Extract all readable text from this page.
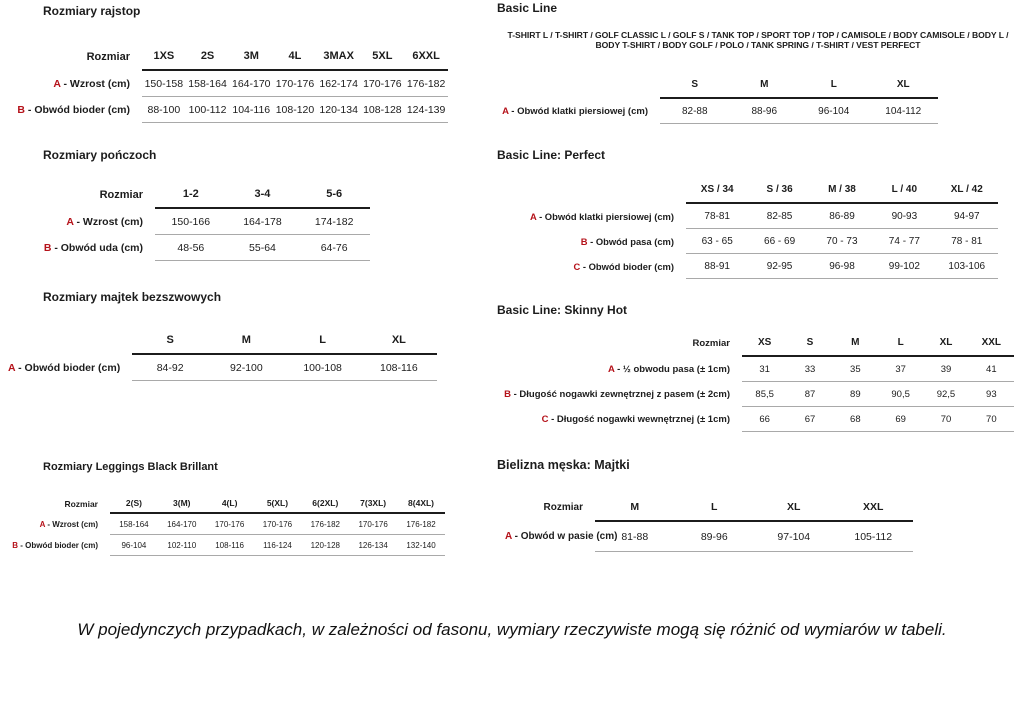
Rozmiary rajstop
Rozmiar	1XS	2S	3M	4L	3MAX	5XL	6XXL
A - Wzrost (cm)	150-158	158-164	164-170	170-176	162-174	170-176	176-182
B - Obwód bioder (cm)	88-100	100-112	104-116	108-120	120-134	108-128	124-139
Rozmiary pończoch
Rozmiar	1-2	3-4	5-6
A - Wzrost (cm)	150-166	164-178	174-182
B - Obwód uda (cm)	48-56	55-64	64-76
Rozmiary majtek bezszwowych
	S	M	L	XL
A - Obwód bioder (cm)	84-92	92-100	100-108	108-116
Rozmiary Leggings Black Brillant
Rozmiar	2(S)	3(M)	4(L)	5(XL)	6(2XL)	7(3XL)	8(4XL)
A - Wzrost (cm)	158-164	164-170	170-176	170-176	176-182	170-176	176-182
B - Obwód bioder (cm)	96-104	102-110	108-116	116-124	120-128	126-134	132-140
Basic Line
T-SHIRT L / T-SHIRT / GOLF CLASSIC L / GOLF S / TANK TOP / SPORT TOP / TOP / CAMISOLE / BODY CAMISOLE / BODY L / BODY T-SHIRT / BODY GOLF / POLO / TANK SPRING / T-SHIRT / VEST PERFECT
	S	M	L	XL
A - Obwód klatki piersiowej (cm)	82-88	88-96	96-104	104-112
Basic Line: Perfect
	XS / 34	S / 36	M / 38	L / 40	XL / 42
A - Obwód klatki piersiowej (cm)	78-81	82-85	86-89	90-93	94-97
B - Obwód pasa (cm)	63 - 65	66 - 69	70 - 73	74 - 77	78 - 81
C - Obwód bioder (cm)	88-91	92-95	96-98	99-102	103-106
Basic Line: Skinny Hot
Rozmiar	XS	S	M	L	XL	XXL
A - ½ obwodu pasa (± 1cm)	31	33	35	37	39	41
B - Długość nogawki zewnętrznej z pasem (± 2cm)	85,5	87	89	90,5	92,5	93
C - Długość nogawki wewnętrznej (± 1cm)	66	67	68	69	70	70
Bielizna męska: Majtki
Rozmiar	M	L	XL	XXL
A - Obwód w pasie (cm)	81-88	89-96	97-104	105-112
W pojedynczych przypadkach, w zależności od fasonu, wymiary rzeczywiste mogą się różnić od wymiarów w tabeli.
